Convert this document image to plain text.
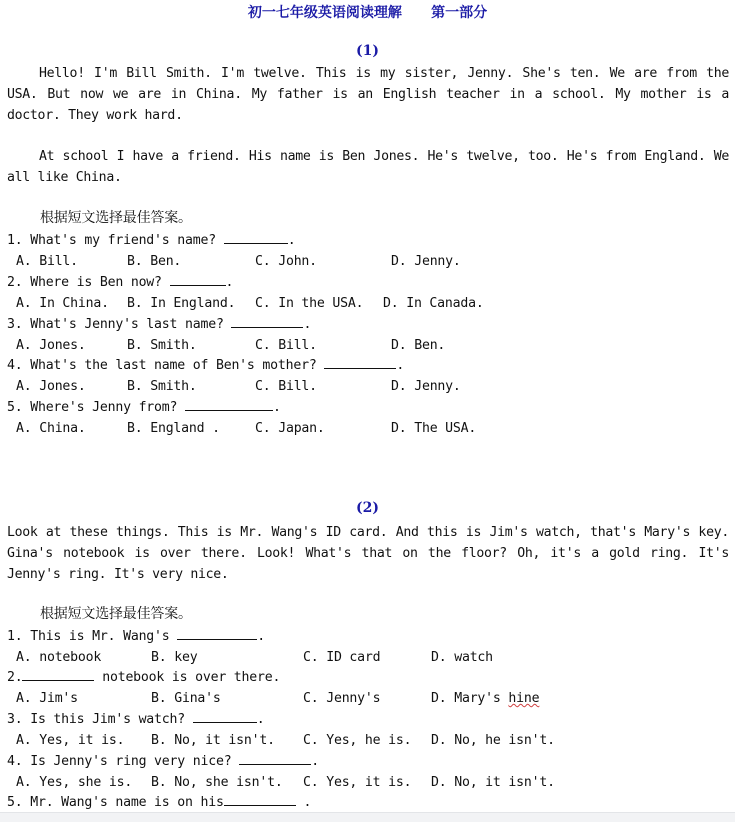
初一七年级英语阅读理解      第一部分
(1)
Hello! I'm Bill Smith. I'm twelve. This is my sister, Jenny. She's ten. We are from the USA. But now we are in China. My father is an English teacher in a school. My mother is a doctor. They work hard.
At school I have a friend. His name is Ben Jones. He's twelve, too. He's from England. We all like China.
根据短文选择最佳答案。
1. What's my friend's name?	.
A. Bill.	B. Ben.	C. John.	D. Jenny.
2. Where is Ben now?	.
A. In China. B. In England. C. In the USA. D. In Canada.
3. What's Jenny's last name?	.
A. Jones.	B. Smith.	C. Bill.	D. Ben.
4. What's the last name of Ben's mother?	.
A. Jones.	B. Smith.	C. Bill.	D. Jenny.
5. Where's Jenny from?	.
A. China.	B. England .	C. Japan.	D. The USA.
(2)
Look at these things. This is Mr. Wang's ID card. And this is Jim's watch, that's Mary's key. Gina's notebook is over there. Look! What's that on the floor? Oh, it's a gold ring. It's Jenny's ring. It's very nice.
根据短文选择最佳答案。
1. This is Mr. Wang's	.
A. notebook	B. key	C. ID card	D. watch
2.	notebook is over there.
A. Jim's	B. Gina's	C. Jenny's	D. Mary's hine
3. Is this Jim's watch?	.
A. Yes, it is. B. No, it isn't. C. Yes, he is. D. No, he isn't.
4. Is Jenny's ring very nice?	.
A. Yes, she is. B. No, she isn't. C. Yes, it is. D. No, it isn't.
5. Mr. Wang's name is on his	.
